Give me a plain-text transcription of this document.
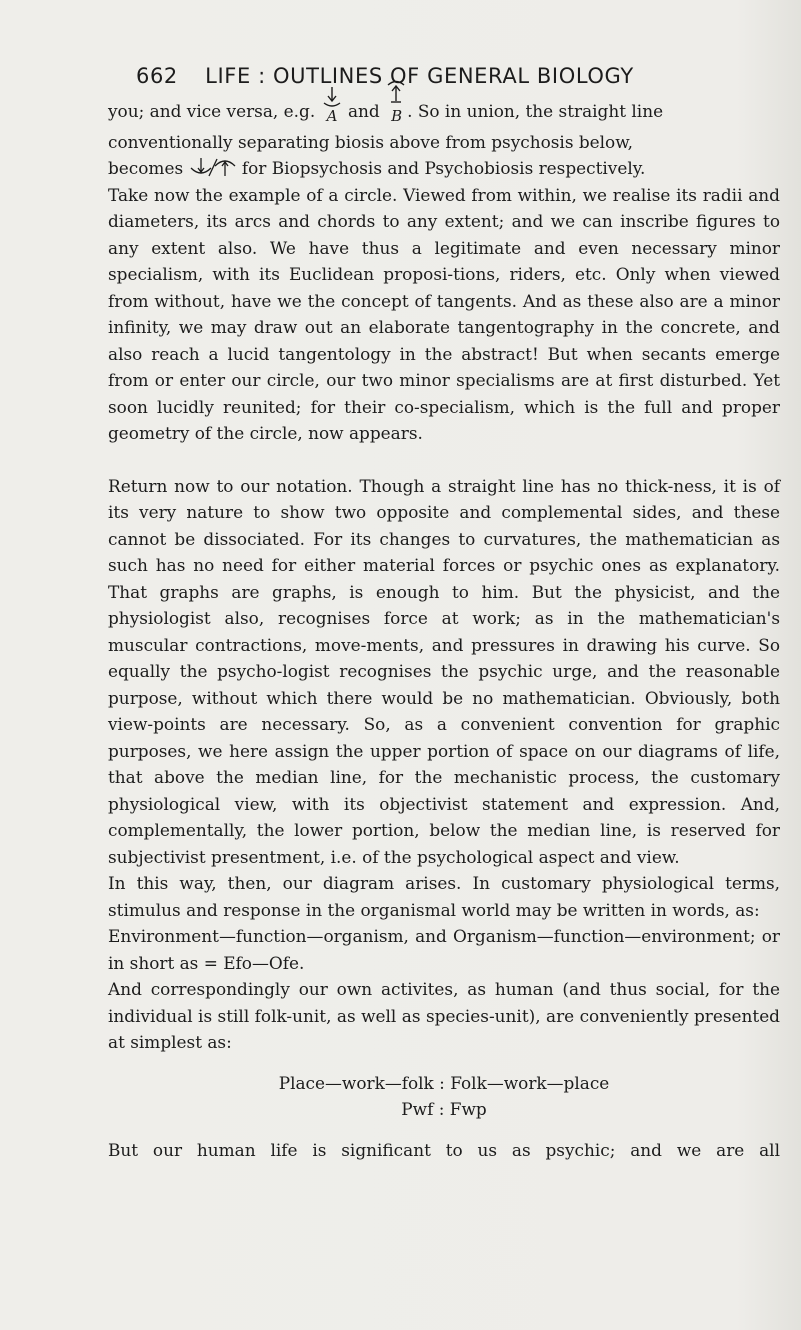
662 LIFE : OUTLINES OF GENERAL BIOLOGY

you; and vice versa, e.g. A and B . So in union, the straight line

conventionally separating biosis above from psychosis below,

becomes	for Biopsychosis and Psychobiosis respectively.

Take now the example of a circle. Viewed from within, we realise its radii and diameters, its arcs and chords to any extent; and we can inscribe figures to any extent also. We have thus a legitimate and even necessary minor specialism, with its Euclidean proposi-tions, riders, etc. Only when viewed from without, have we the concept of tangents. And as these also are a minor infinity, we may draw out an elaborate tangentography in the concrete, and also reach a lucid tangentology in the abstract! But when secants emerge from or enter our circle, our two minor specialisms are at first disturbed. Yet soon lucidly reunited; for their co-specialism, which is the full and proper geometry of the circle, now appears.

Return now to our notation. Though a straight line has no thick-ness, it is of its very nature to show two opposite and complemental sides, and these cannot be dissociated. For its changes to curvatures, the mathematician as such has no need for either material forces or psychic ones as explanatory. That graphs are graphs, is enough to him. But the physicist, and the physiologist also, recognises force at work; as in the mathematician's muscular contractions, move-ments, and pressures in drawing his curve. So equally the psycho-logist recognises the psychic urge, and the reasonable purpose, without which there would be no mathematician. Obviously, both view-points are necessary. So, as a convenient convention for graphic purposes, we here assign the upper portion of space on our diagrams of life, that above the median line, for the mechanistic process, the customary physiological view, with its objectivist statement and expression. And, complementally, the lower portion, below the median line, is reserved for subjectivist presentment, i.e. of the psychological aspect and view.

In this way, then, our diagram arises. In customary physiological terms, stimulus and response in the organismal world may be written in words, as:

Environment—function—organism, and Organism—function—environment; or in short as = Efo—Ofe.

And correspondingly our own activites, as human (and thus social, for the individual is still folk-unit, as well as species-unit), are conveniently presented at simplest as:

Place—work—folk : Folk—work—place

Pwf : Fwp

But our human life is significant to us as psychic; and we are all
